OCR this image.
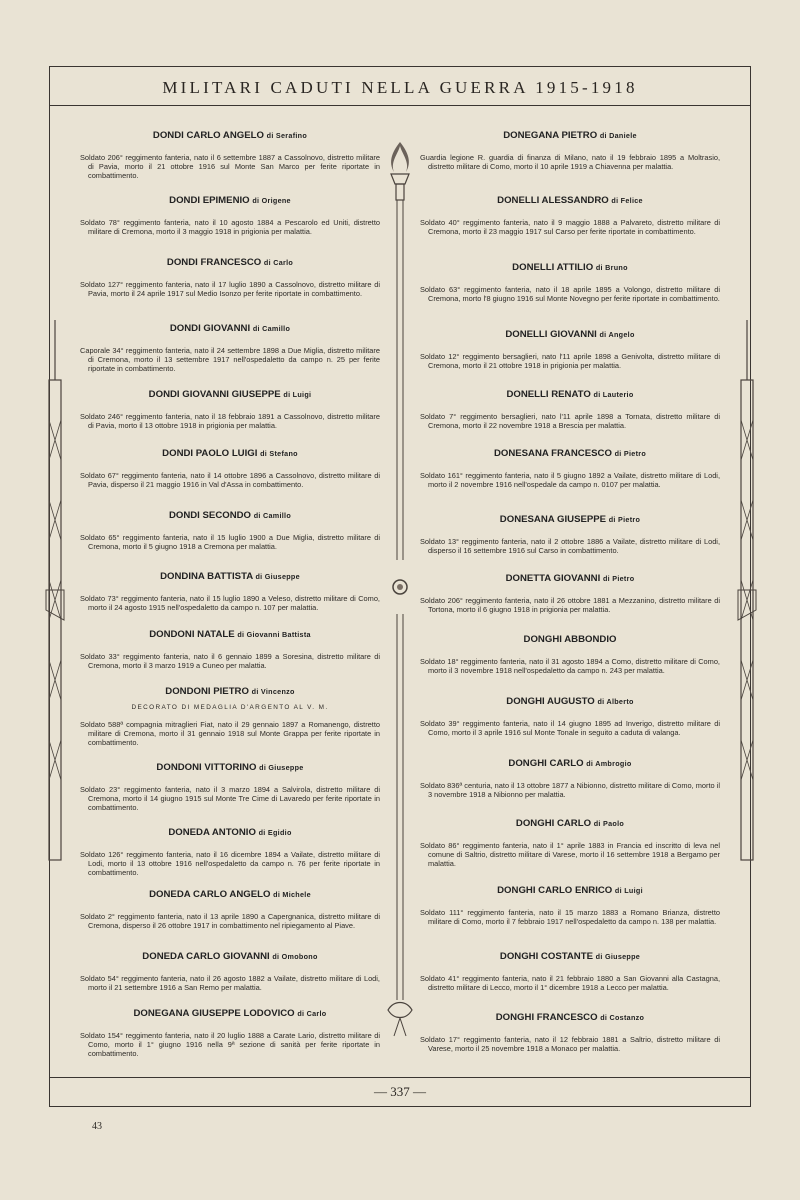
MILITARI CADUTI NELLA GUERRA 1915-1918
DONDI CARLO ANGELO di Serafino
Soldato 206° reggimento fanteria, nato il 6 settembre 1887 a Cassolnovo, distretto militare di Pavia, morto il 21 ottobre 1916 sul Monte San Marco per ferite riportate in combattimento.
DONDI EPIMENIO di Origene
Soldato 78° reggimento fanteria, nato il 10 agosto 1884 a Pescarolo ed Uniti, distretto militare di Cremona, morto il 3 maggio 1918 in prigionia per malattia.
DONDI FRANCESCO di Carlo
Soldato 127° reggimento fanteria, nato il 17 luglio 1890 a Cassolnovo, distretto militare di Pavia, morto il 24 aprile 1917 sul Medio Isonzo per ferite riportate in combattimento.
DONDI GIOVANNI di Camillo
Caporale 34° reggimento fanteria, nato il 24 settembre 1898 a Due Miglia, distretto militare di Cremona, morto il 13 settembre 1917 nell'ospedaletto da campo n. 25 per ferite riportate in combattimento.
DONDI GIOVANNI GIUSEPPE di Luigi
Soldato 246° reggimento fanteria, nato il 18 febbraio 1891 a Cassolnovo, distretto militare di Pavia, morto il 13 ottobre 1918 in prigionia per malattia.
DONDI PAOLO LUIGI di Stefano
Soldato 67° reggimento fanteria, nato il 14 ottobre 1896 a Cassolnovo, distretto militare di Pavia, disperso il 21 maggio 1916 in Val d'Assa in combattimento.
DONDI SECONDO di Camillo
Soldato 65° reggimento fanteria, nato il 15 luglio 1900 a Due Miglia, distretto militare di Cremona, morto il 5 giugno 1918 a Cremona per malattia.
DONDINA BATTISTA di Giuseppe
Soldato 73° reggimento fanteria, nato il 15 luglio 1890 a Veleso, distretto militare di Como, morto il 24 agosto 1915 nell'ospedaletto da campo n. 107 per malattia.
DONDONI NATALE di Giovanni Battista
Soldato 33° reggimento fanteria, nato il 6 gennaio 1899 a Soresina, distretto militare di Cremona, morto il 3 marzo 1919 a Cuneo per malattia.
DONDONI PIETRO di Vincenzo
DECORATO DI MEDAGLIA D'ARGENTO AL V. M.
Soldato 588ª compagnia mitraglieri Fiat, nato il 29 gennaio 1897 a Romanengo, distretto militare di Cremona, morto il 31 gennaio 1918 sul Monte Grappa per ferite riportate in combattimento.
DONDONI VITTORINO di Giuseppe
Soldato 23° reggimento fanteria, nato il 3 marzo 1894 a Salvirola, distretto militare di Cremona, morto il 14 giugno 1915 sul Monte Tre Cime di Lavaredo per ferite riportate in combattimento.
DONEDA ANTONIO di Egidio
Soldato 126° reggimento fanteria, nato il 16 dicembre 1894 a Vailate, distretto militare di Lodi, morto il 13 ottobre 1916 nell'ospedaletto da campo n. 76 per ferite riportate in combattimento.
DONEDA CARLO ANGELO di Michele
Soldato 2° reggimento fanteria, nato il 13 aprile 1890 a Capergnanica, distretto militare di Cremona, disperso il 26 ottobre 1917 in combattimento nel ripiegamento al Piave.
DONEDA CARLO GIOVANNI di Omobono
Soldato 54° reggimento fanteria, nato il 26 agosto 1882 a Vailate, distretto militare di Lodi, morto il 21 settembre 1916 a San Remo per malattia.
DONEGANA GIUSEPPE LODOVICO di Carlo
Soldato 154° reggimento fanteria, nato il 20 luglio 1888 a Carate Lario, distretto militare di Como, morto il 1° giugno 1916 nella 9ª sezione di sanità per ferite riportate in combattimento.
DONEGANA PIETRO di Daniele
Guardia legione R. guardia di finanza di Milano, nato il 19 febbraio 1895 a Moltrasio, distretto militare di Como, morto il 10 aprile 1919 a Chiavenna per malattia.
DONELLI ALESSANDRO di Felice
Soldato 40° reggimento fanteria, nato il 9 maggio 1888 a Palvareto, distretto militare di Cremona, morto il 23 maggio 1917 sul Carso per ferite riportate in combattimento.
DONELLI ATTILIO di Bruno
Soldato 63° reggimento fanteria, nato il 18 aprile 1895 a Volongo, distretto militare di Cremona, morto l'8 giugno 1916 sul Monte Novegno per ferite riportate in combattimento.
DONELLI GIOVANNI di Angelo
Soldato 12° reggimento bersaglieri, nato l'11 aprile 1898 a Genivolta, distretto militare di Cremona, morto il 21 ottobre 1918 in prigionia per malattia.
DONELLI RENATO di Lauterio
Soldato 7° reggimento bersaglieri, nato l'11 aprile 1898 a Tornata, distretto militare di Cremona, morto il 22 novembre 1918 a Brescia per malattia.
DONESANA FRANCESCO di Pietro
Soldato 161° reggimento fanteria, nato il 5 giugno 1892 a Vailate, distretto militare di Lodi, morto il 2 novembre 1916 nell'ospedale da campo n. 0107 per malattia.
DONESANA GIUSEPPE di Pietro
Soldato 13° reggimento fanteria, nato il 2 ottobre 1886 a Vailate, distretto militare di Lodi, disperso il 16 settembre 1916 sul Carso in combattimento.
DONETTA GIOVANNI di Pietro
Soldato 206° reggimento fanteria, nato il 26 ottobre 1881 a Mezzanino, distretto militare di Tortona, morto il 6 giugno 1918 in prigionia per malattia.
DONGHI ABBONDIO
Soldato 18° reggimento fanteria, nato il 31 agosto 1894 a Como, distretto militare di Como, morto il 3 novembre 1918 nell'ospedaletto da campo n. 243 per malattia.
DONGHI AUGUSTO di Alberto
Soldato 39° reggimento fanteria, nato il 14 giugno 1895 ad Inverigo, distretto militare di Como, morto il 3 aprile 1916 sul Monte Tonale in seguito a caduta di valanga.
DONGHI CARLO di Ambrogio
Soldato 836ª centuria, nato il 13 ottobre 1877 a Nibionno, distretto militare di Como, morto il 3 novembre 1918 a Nibionno per malattia.
DONGHI CARLO di Paolo
Soldato 86° reggimento fanteria, nato il 1° aprile 1883 in Francia ed inscritto di leva nel comune di Saltrio, distretto militare di Varese, morto il 16 settembre 1918 a Bergamo per malattia.
DONGHI CARLO ENRICO di Luigi
Soldato 111° reggimento fanteria, nato il 15 marzo 1883 a Romano Brianza, distretto militare di Como, morto il 7 febbraio 1917 nell'ospedaletto da campo n. 138 per malattia.
DONGHI COSTANTE di Giuseppe
Soldato 41° reggimento fanteria, nato il 21 febbraio 1880 a San Giovanni alla Castagna, distretto militare di Lecco, morto il 1° dicembre 1918 a Lecco per malattia.
DONGHI FRANCESCO di Costanzo
Soldato 17° reggimento fanteria, nato il 12 febbraio 1881 a Saltrio, distretto militare di Varese, morto il 25 novembre 1918 a Monaco per malattia.
— 337 —
43
